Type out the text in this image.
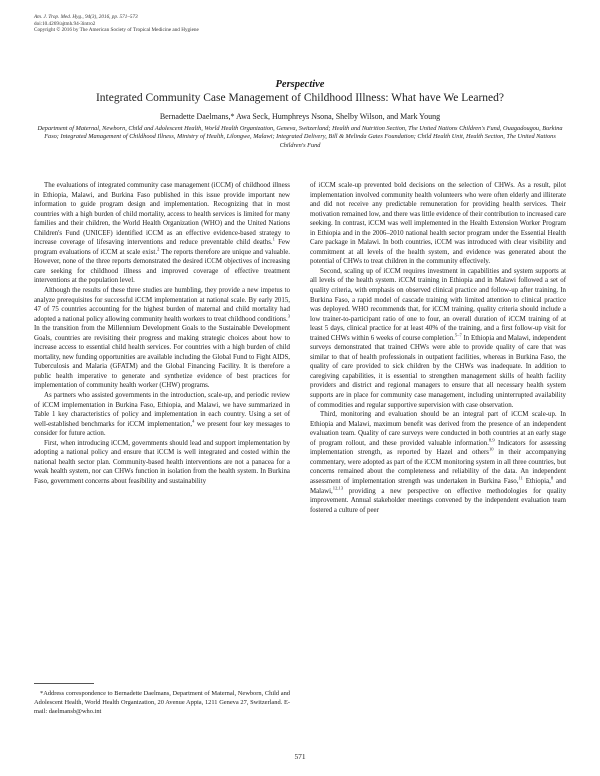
Am. J. Trop. Med. Hyg., 94(3), 2016, pp. 571–573
doi:10.4269/ajtmh.94-3intro2
Copyright © 2016 by The American Society of Tropical Medicine and Hygiene

Perspective

Integrated Community Case Management of Childhood Illness: What have We Learned?

Bernadette Daelmans,* Awa Seck, Humphreys Nsona, Shelby Wilson, and Mark Young

Department of Maternal, Newborn, Child and Adolescent Health, World Health Organization, Geneva, Switzerland; Health and Nutrition Section, The United Nations Children's Fund, Ouagadougou, Burkina Faso; Integrated Management of Childhood Illness, Ministry of Health, Lilongwe, Malawi; Integrated Delivery, Bill & Melinda Gates Foundation; Child Health Unit, Health Section, The United Nations Children's Fund

The evaluations of integrated community case management (iCCM) of childhood illness in Ethiopia, Malawi, and Burkina Faso published in this issue provide important new information to guide program design and implementation. Recognizing that in most countries with a high burden of child mortality, access to health services is limited for many families and their children, the World Health Organization (WHO) and the United Nations Children's Fund (UNICEF) identified iCCM as an effective evidence-based strategy to increase coverage of lifesaving interventions and reduce preventable child deaths.$^1$ Few program evaluations of iCCM at scale exist.$^2$ The reports therefore are unique and valuable. However, none of the three reports demonstrated the desired iCCM objectives of increasing care seeking for childhood illness and improved coverage of effective treatment interventions at the population level.

Although the results of these three studies are humbling, they provide a new impetus to analyze prerequisites for successful iCCM implementation at national scale. By early 2015, 47 of 75 countries accounting for the highest burden of maternal and child mortality had adopted a national policy allowing community health workers to treat childhood conditions.$^3$ In the transition from the Millennium Development Goals to the Sustainable Development Goals, countries are revisiting their progress and making strategic choices about how to increase access to essential child health services. For countries with a high burden of child mortality, new funding opportunities are available including the Global Fund to Fight AIDS, Tuberculosis and Malaria (GFATM) and the Global Financing Facility. It is therefore a public health imperative to generate and synthetize evidence of best practices for implementation of community health worker (CHW) programs.

As partners who assisted governments in the introduction, scale-up, and periodic review of iCCM implementation in Burkina Faso, Ethiopia, and Malawi, we have summarized in Table 1 key characteristics of policy and implementation in each country. Using a set of well-established benchmarks for iCCM implementation,$^4$ we present four key messages to consider for future action.

First, when introducing iCCM, governments should lead and support implementation by adopting a national policy and ensure that iCCM is well integrated and costed within the national health sector plan. Community-based health interventions are not a panacea for a weak health system, nor can CHWs function in isolation from the health system. In Burkina Faso, government concerns about feasibility and sustainability

of iCCM scale-up prevented bold decisions on the selection of CHWs. As a result, pilot implementation involved community health volunteers who were often elderly and illiterate and did not receive any predictable remuneration for providing health services. Their motivation remained low, and there was little evidence of their contribution to increased care seeking. In contrast, iCCM was well implemented in the Health Extension Worker Program in Ethiopia and in the 2006–2010 national health sector program under the Essential Health Care package in Malawi. In both countries, iCCM was introduced with clear visibility and commitment at all levels of the health system, and evidence was generated about the potential of CHWs to treat children in the community effectively.

Second, scaling up of iCCM requires investment in capabilities and system supports at all levels of the health system. iCCM training in Ethiopia and in Malawi followed a set of quality criteria, with emphasis on observed clinical practice and follow-up after training. In Burkina Faso, a rapid model of cascade training with limited attention to clinical practice was deployed. WHO recommends that, for iCCM training, quality criteria should include a low trainer-to-participant ratio of one to four, an overall duration of iCCM training of at least 5 days, clinical practice for at least 40% of the training, and a first follow-up visit for trained CHWs within 6 weeks of course completion.$^{5-7}$ In Ethiopia and Malawi, independent surveys demonstrated that trained CHWs were able to provide quality of care that was similar to that of health professionals in outpatient facilities, whereas in Burkina Faso, the quality of care provided to sick children by the CHWs was inadequate. In addition to caregiving capabilities, it is essential to strengthen management skills of health facility providers and district and regional managers to ensure that all necessary health system supports are in place for community case management, including uninterrupted availability of commodities and regular supportive supervision with case observation.

Third, monitoring and evaluation should be an integral part of iCCM scale-up. In Ethiopia and Malawi, maximum benefit was derived from the presence of an independent evaluation team. Quality of care surveys were conducted in both countries at an early stage of program rollout, and these provided valuable information.$^{8,9}$ Indicators for assessing implementation strength, as reported by Hazel and others$^{10}$ in their accompanying commentary, were adopted as part of the iCCM monitoring system in all three countries, but concerns remained about the completeness and reliability of the data. An independent assessment of implementation strength was undertaken in Burkina Faso,$^{11}$ Ethiopia,$^8$ and Malawi,$^{12,13}$ providing a new perspective on effective methodologies for quality improvement. Annual stakeholder meetings convened by the independent evaluation team fostered a culture of peer

*Address correspondence to Bernadette Daelmans, Department of Maternal, Newborn, Child and Adolescent Health, World Health Organization, 20 Avenue Appia, 1211 Geneva 27, Switzerland. E-mail: daelmansb@who.int

571
